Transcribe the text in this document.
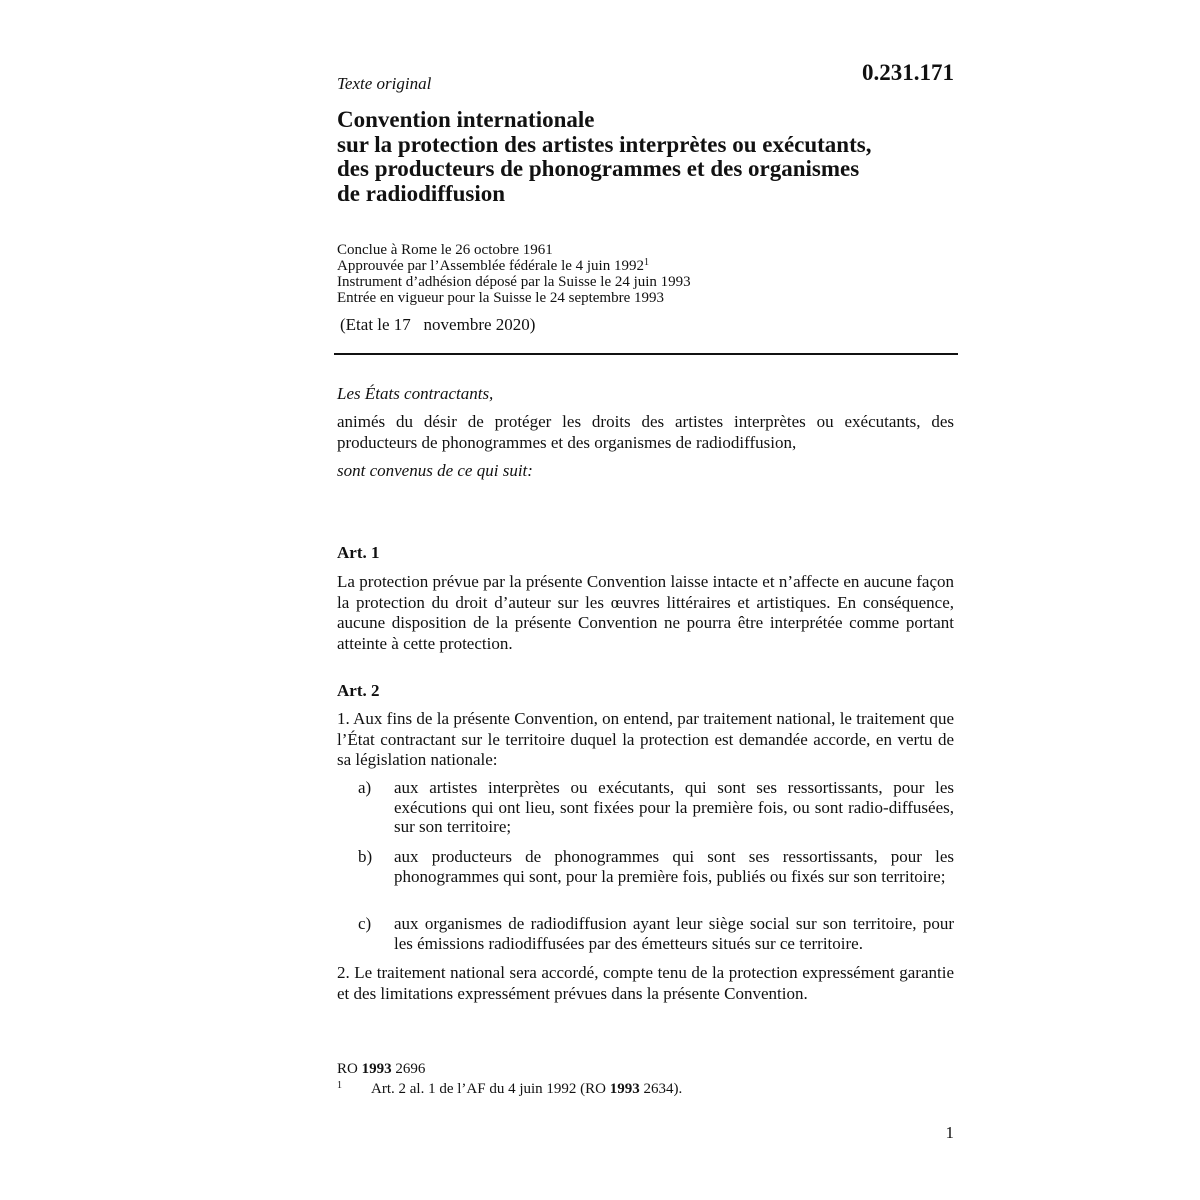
Texte original	0.231.171
Convention internationale
sur la protection des artistes interprètes ou exécutants,
des producteurs de phonogrammes et des organismes
de radiodiffusion
Conclue à Rome le 26 octobre 1961
Approuvée par l’Assemblée fédérale le 4 juin 1992$^1$
Instrument d’adhésion déposé par la Suisse le 24 juin 1993
Entrée en vigueur pour la Suisse le 24 septembre 1993
(Etat le 17   novembre 2020)
Les États contractants,
animés du désir de protéger les droits des artistes interprètes ou exécutants, des producteurs de phonogrammes et des organismes de radiodiffusion,
sont convenus de ce qui suit:
Art. 1
La protection prévue par la présente Convention laisse intacte et n’affecte en aucune façon la protection du droit d’auteur sur les œuvres littéraires et artistiques. En conséquence, aucune disposition de la présente Convention ne pourra être interprétée comme portant atteinte à cette protection.
Art. 2
1. Aux fins de la présente Convention, on entend, par traitement national, le traitement que l’État contractant sur le territoire duquel la protection est demandée accorde, en vertu de sa législation nationale:
a) aux artistes interprètes ou exécutants, qui sont ses ressortissants, pour les exécutions qui ont lieu, sont fixées pour la première fois, ou sont radio-diffusées, sur son territoire;
b) aux producteurs de phonogrammes qui sont ses ressortissants, pour les phonogrammes qui sont, pour la première fois, publiés ou fixés sur son territoire;
c) aux organismes de radiodiffusion ayant leur siège social sur son territoire, pour les émissions radiodiffusées par des émetteurs situés sur ce territoire.
2. Le traitement national sera accordé, compte tenu de la protection expressément garantie et des limitations expressément prévues dans la présente Convention.
RO 1993 2696
1 Art. 2 al. 1 de l’AF du 4 juin 1992 (RO 1993 2634).
1
